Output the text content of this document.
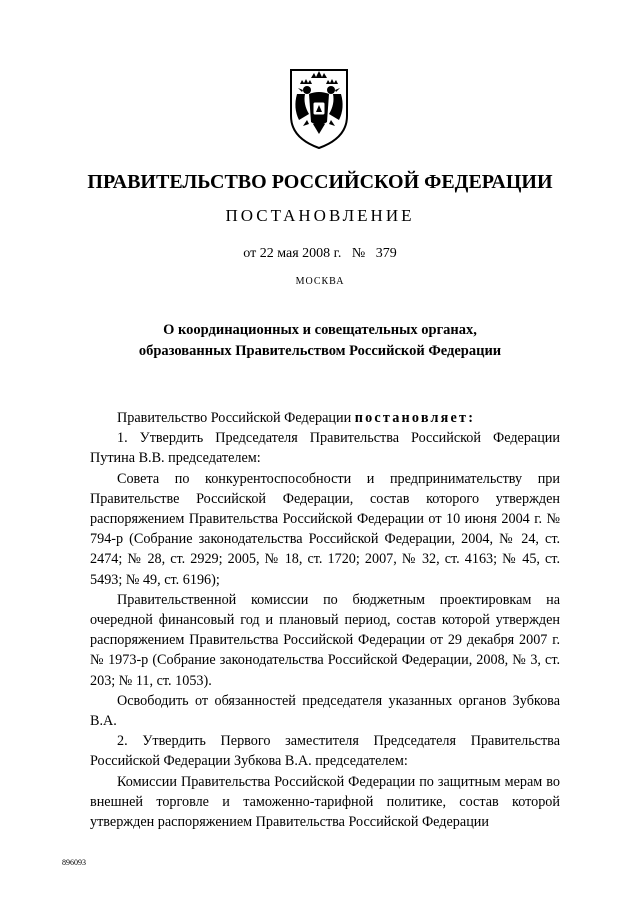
ПРАВИТЕЛЬСТВО РОССИЙСКОЙ ФЕДЕРАЦИИ
ПОСТАНОВЛЕНИЕ
от 22 мая 2008 г. № 379
МОСКВА
О координационных и совещательных органах,
образованных Правительством Российской Федерации

Правительство Российской Федерации постановляет:

1. Утвердить Председателя Правительства Российской Федерации Путина В.В. председателем:

Совета по конкурентоспособности и предпринимательству при Правительстве Российской Федерации, состав которого утвержден распоряжением Правительства Российской Федерации от 10 июня 2004 г. № 794-р (Собрание законодательства Российской Федерации, 2004, № 24, ст. 2474; № 28, ст. 2929; 2005, № 18, ст. 1720; 2007, № 32, ст. 4163; № 45, ст. 5493; № 49, ст. 6196);

Правительственной комиссии по бюджетным проектировкам на очередной финансовый год и плановый период, состав которой утвержден распоряжением Правительства Российской Федерации от 29 декабря 2007 г. № 1973-р (Собрание законодательства Российской Федерации, 2008, № 3, ст. 203; № 11, ст. 1053).

Освободить от обязанностей председателя указанных органов Зубкова В.А.

2. Утвердить Первого заместителя Председателя Правительства Российской Федерации Зубкова В.А. председателем:

Комиссии Правительства Российской Федерации по защитным мерам во внешней торговле и таможенно-тарифной политике, состав которой утвержден распоряжением Правительства Российской Федерации

896093
